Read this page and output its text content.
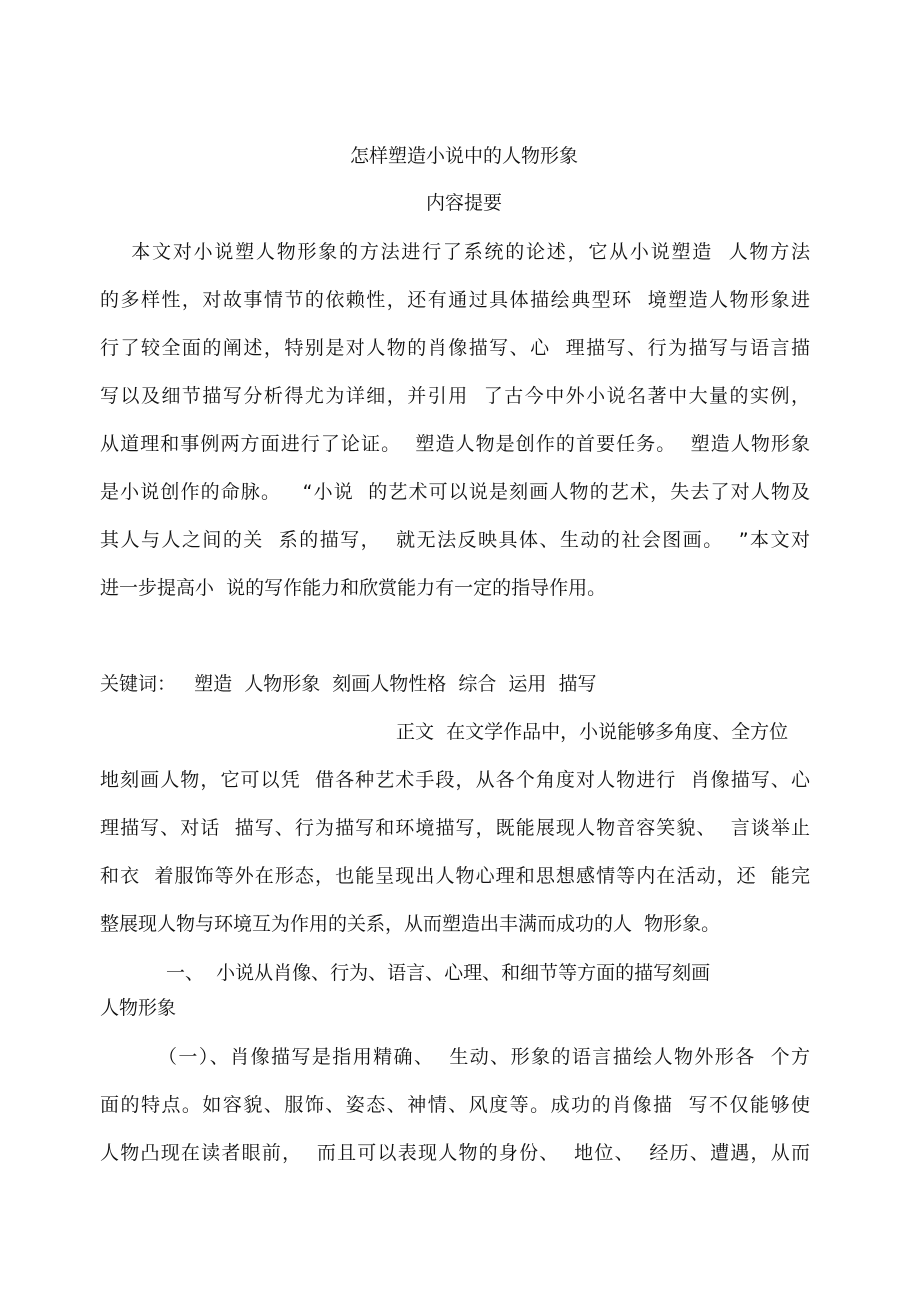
怎样塑造小说中的人物形象
内容提要
本文对小说塑人物形象的方法进行了系统的论述，它从小说塑造  人物方法
的多样性，对故事情节的依赖性，还有通过具体描绘典型环  境塑造人物形象进
行了较全面的阐述，特别是对人物的肖像描写、心  理描写、行为描写与语言描
写以及细节描写分析得尤为详细，并引用  了古今中外小说名著中大量的实例，
从道理和事例两方面进行了论证。  塑造人物是创作的首要任务。  塑造人物形象
是小说创作的命脉。   “小说  的艺术可以说是刻画人物的艺术，失去了对人物及
其人与人之间的关  系的描写，  就无法反映具体、生动的社会图画。  ”本文对
进一步提高小  说的写作能力和欣赏能力有一定的指导作用。
关键词：   塑造  人物形象  刻画人物性格  综合  运用  描写
正文  在文学作品中，小说能够多角度、全方位
地刻画人物，它可以凭  借各种艺术手段，从各个角度对人物进行  肖像描写、心
理描写、对话  描写、行为描写和环境描写，既能展现人物音容笑貌、  言谈举止
和衣  着服饰等外在形态，也能呈现出人物心理和思想感情等内在活动，还  能完
整展现人物与环境互为作用的关系，从而塑造出丰满而成功的人  物形象。
一、  小说从肖像、行为、语言、心理、和细节等方面的描写刻画
人物形象
（一）、肖像描写是指用精确、  生动、形象的语言描绘人物外形各  个方
面的特点。如容貌、服饰、姿态、神情、风度等。成功的肖像描  写不仅能够使
人物凸现在读者眼前，  而且可以表现人物的身份、  地位、  经历、遭遇，从而
